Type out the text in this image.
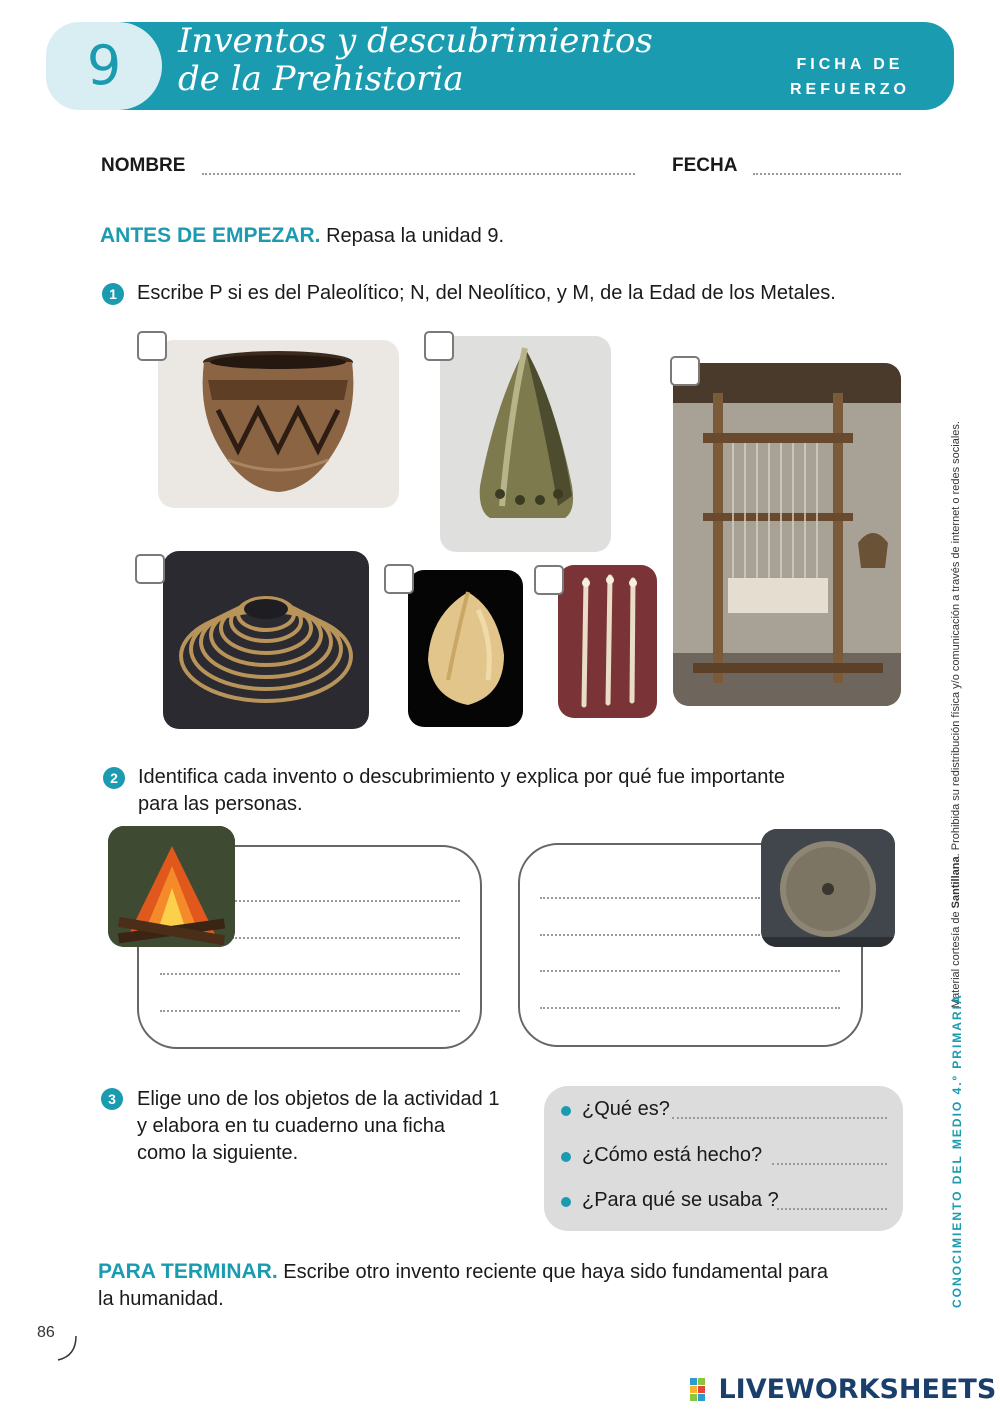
9	Inventos y descubrimientos
de la Prehistoria	FICHA DE
REFUERZO
NOMBRE	FECHA
ANTES DE EMPEZAR. Repasa la unidad 9.
1	Escribe P si es del Paleolítico; N, del Neolítico, y M, de la Edad de los Metales.
2	Identifica cada invento o descubrimiento y explica por qué fue importante
para las personas.
3	Elige uno de los objetos de la actividad 1
y elabora en tu cuaderno una ficha
como la siguiente.
¿Qué es?
¿Cómo está hecho?
¿Para qué se usaba ?
PARA TERMINAR. Escribe otro invento reciente que haya sido fundamental para
la humanidad.
86
Material cortesía de Santillana. Prohibida su redistribución física y/o comunicación a través de internet o redes sociales.
CONOCIMIENTO DEL MEDIO 4.º PRIMARIA
LIVEWORKSHEETS
